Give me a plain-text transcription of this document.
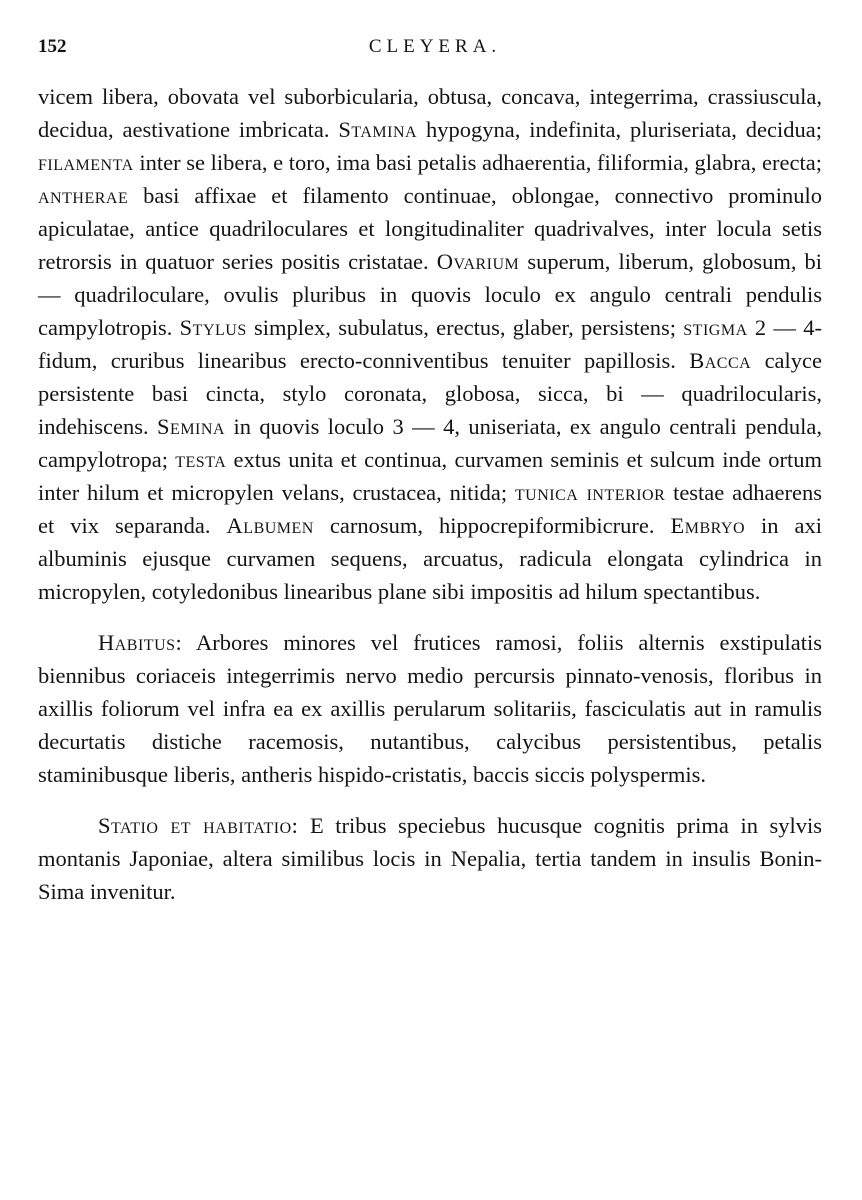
152	CLEYERA.

vicem libera, obovata vel suborbicularia, obtusa, concava, integerrima, crassiuscula, decidua, aestivatione imbricata. Stamina hypogyna, indefinita, pluriseriata, decidua; filamenta inter se libera, e toro, ima basi petalis adhaerentia, filiformia, glabra, erecta; antherae basi affixae et filamento continuae, oblongae, connectivo prominulo apiculatae, antice quadriloculares et longitudinaliter quadrivalves, inter locula setis retrorsis in quatuor series positis cristatae. Ovarium superum, liberum, globosum, bi — quadriloculare, ovulis pluribus in quovis loculo ex angulo centrali pendulis campylotropis. Stylus simplex, subulatus, erectus, glaber, persistens; stigma 2 — 4-fidum, cruribus linearibus erecto-conniventibus tenuiter papillosis. Bacca calyce persistente basi cincta, stylo coronata, globosa, sicca, bi — quadrilocularis, indehiscens. Semina in quovis loculo 3 — 4, uniseriata, ex angulo centrali pendula, campylotropa; testa extus unita et continua, curvamen seminis et sulcum inde ortum inter hilum et micropylen velans, crustacea, nitida; tunica interior testae adhaerens et vix separanda. Albumen carnosum, hippocrepiformibicrure. Embryo in axi albuminis ejusque curvamen sequens, arcuatus, radicula elongata cylindrica in micropylen, cotyledonibus linearibus plane sibi impositis ad hilum spectantibus.

Habitus: Arbores minores vel frutices ramosi, foliis alternis exstipulatis biennibus coriaceis integerrimis nervo medio percursis pinnato-venosis, floribus in axillis foliorum vel infra ea ex axillis perularum solitariis, fasciculatis aut in ramulis decurtatis distiche racemosis, nutantibus, calycibus persistentibus, petalis staminibusque liberis, antheris hispido-cristatis, baccis siccis polyspermis.

Statio et habitatio: E tribus speciebus hucusque cognitis prima in sylvis montanis Japoniae, altera similibus locis in Nepalia, tertia tandem in insulis Bonin-Sima invenitur.
